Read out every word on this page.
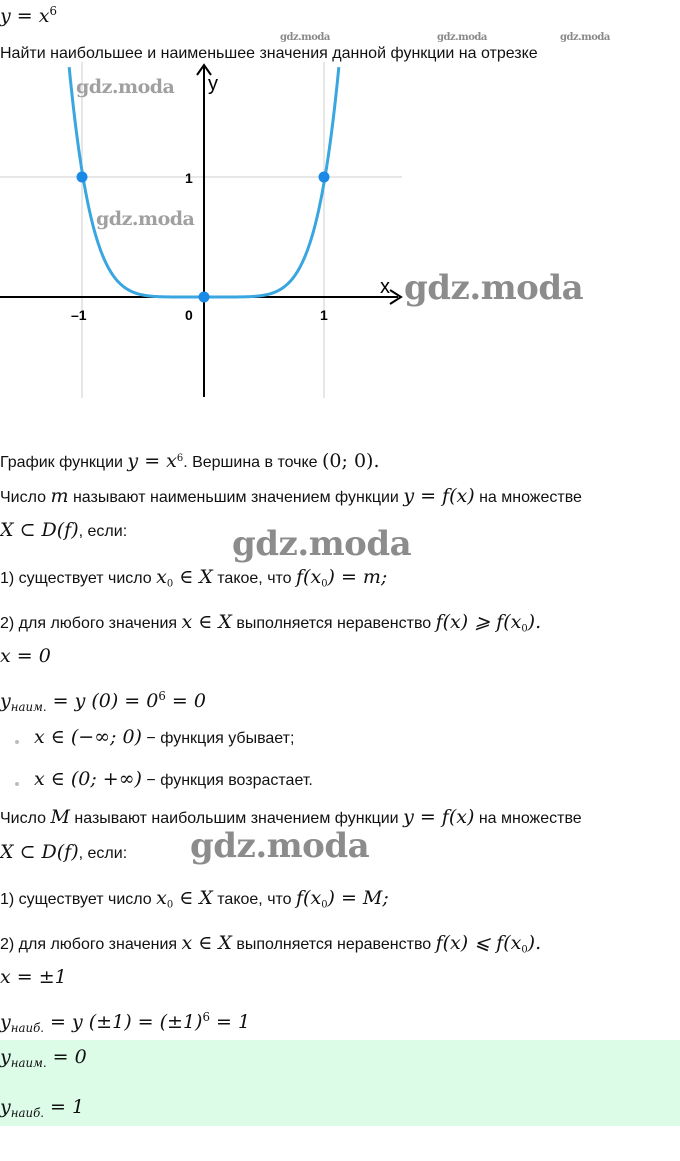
$y = x^6$
gdz.moda	gdz.moda	gdz.moda
Найти наибольшее и наименьшее значения данной функции на отрезке
y
x
1
–1	0	1
gdz.moda
gdz.moda
gdz.moda
График функции $y = x^6$. Вершина в точке (0; 0).
Число m называют наименьшим значением функции y = f(x) на множестве
X ⊂ D(f), если:	gdz.moda
1) существует число $x_0$ ∈ X такое, что $f(x_0) = m$;
2) для любого значения x ∈ X выполняется неравенство f(x) ⩾ $f(x_0)$.
x = 0
$y_{наим.} = y$ $(0) = 0^6 = 0$
x ∈ (−∞; 0) − функция убывает;
x ∈ (0; +∞) − функция возрастает.
Число M называют наибольшим значением функции y = f(x) на множестве
X ⊂ D(f), если: gdz.moda
1) существует число $x_0$ ∈ X такое, что $f(x_0) = M$;
2) для любого значения x ∈ X выполняется неравенство f(x) ⩽ $f(x_0)$.
x = ±1
$y_{наиб.} = y$ $(\pm 1) = (\pm 1)^6 = 1$
$y_{наим.} = 0$
$y_{наиб.} = 1$
